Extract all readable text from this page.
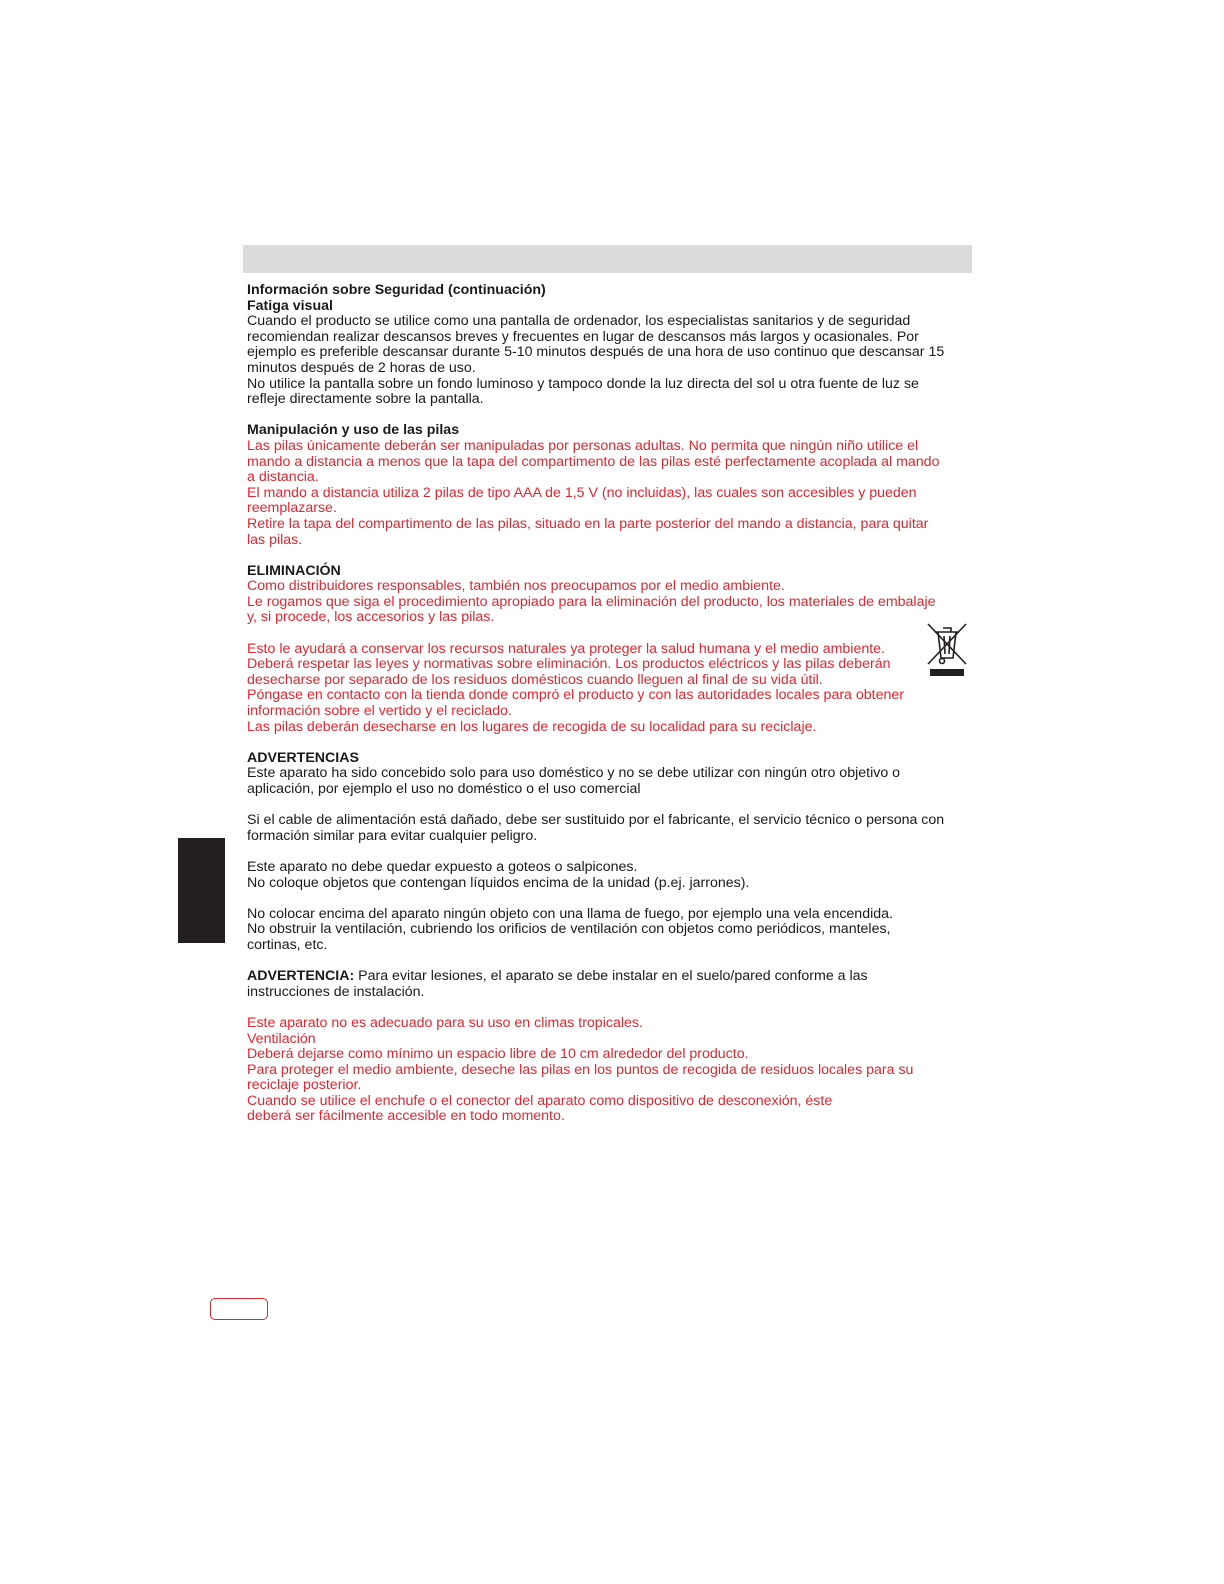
Información sobre Seguridad (continuación)

Fatiga visual

Cuando el producto se utilice como una pantalla de ordenador, los especialistas sanitarios y de seguridad

recomiendan realizar descansos breves y frecuentes en lugar de descansos más largos y ocasionales. Por

ejemplo es preferible descansar durante 5-10 minutos después de una hora de uso continuo que descansar 15

minutos después de 2 horas de uso.

No utilice la pantalla sobre un fondo luminoso y tampoco donde la luz directa del sol u otra fuente de luz se

refleje directamente sobre la pantalla.

Manipulación y uso de las pilas

Las pilas únicamente deberán ser manipuladas por personas adultas. No permita que ningún niño utilice el

mando a distancia a menos que la tapa del compartimento de las pilas esté perfectamente acoplada al mando

a distancia.

El mando a distancia utiliza 2 pilas de tipo AAA de 1,5 V (no incluidas), las cuales son accesibles y pueden

reemplazarse.

Retire la tapa del compartimento de las pilas, situado en la parte posterior del mando a distancia, para quitar

las pilas.

ELIMINACIÓN

Como distribuidores responsables, también nos preocupamos por el medio ambiente.

Le rogamos que siga el procedimiento apropiado para la eliminación del producto, los materiales de embalaje

y, si procede, los accesorios y las pilas.

Esto le ayudará a conservar los recursos naturales ya proteger la salud humana y el medio ambiente.

Deberá respetar las leyes y normativas sobre eliminación. Los productos eléctricos y las pilas deberán

desecharse por separado de los residuos domésticos cuando lleguen al final de su vida útil.

Póngase en contacto con la tienda donde compró el producto y con las autoridades locales para obtener

información sobre el vertido y el reciclado.

Las pilas deberán desecharse en los lugares de recogida de su localidad para su reciclaje.

ADVERTENCIAS

Este aparato ha sido concebido solo para uso doméstico y no se debe utilizar con ningún otro objetivo o

aplicación, por ejemplo el uso no doméstico o el uso comercial

Si el cable de alimentación está dañado, debe ser sustituido por el fabricante, el servicio técnico o persona con

formación similar para evitar cualquier peligro.

Este aparato no debe quedar expuesto a goteos o salpicones.

No coloque objetos que contengan líquidos encima de la unidad (p.ej. jarrones).

No colocar encima del aparato ningún objeto con una llama de fuego, por ejemplo una vela encendida.

No obstruir la ventilación, cubriendo los orificios de ventilación con objetos como periódicos, manteles,

cortinas, etc.

ADVERTENCIA: Para evitar lesiones, el aparato se debe instalar en el suelo/pared conforme a las

instrucciones de instalación.

Este aparato no es adecuado para su uso en climas tropicales.

Ventilación

Deberá dejarse como mínimo un espacio libre de 10 cm alrededor del producto.

Para proteger el medio ambiente, deseche las pilas en los puntos de recogida de residuos locales para su

reciclaje posterior.

Cuando se utilice el enchufe o el conector del aparato como dispositivo de desconexión, éste

deberá ser fácilmente accesible en todo momento.
